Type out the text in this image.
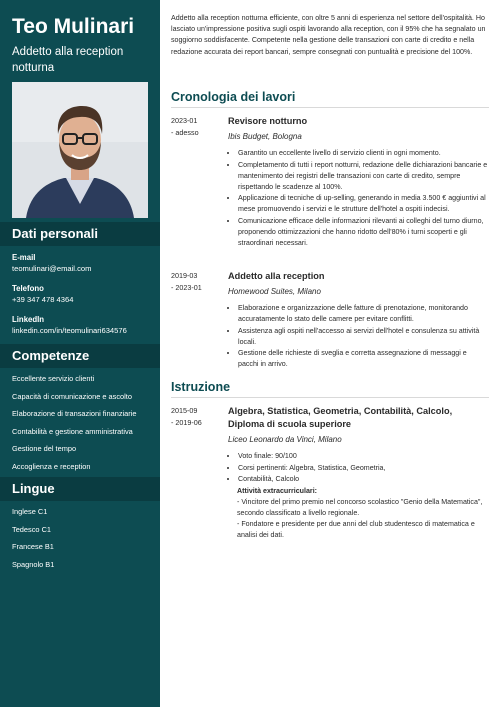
Teo Mulinari
Addetto alla reception notturna
Dati personali
E-mail
teomulinari@email.com
Telefono
+39 347 478 4364
LinkedIn
linkedin.com/in/teomulinari634576
Competenze
Eccellente servizio clienti
Capacità di comunicazione e ascolto
Elaborazione di transazioni finanziarie
Contabilità e gestione amministrativa
Gestione del tempo
Accoglienza e reception
Lingue
Inglese C1
Tedesco C1
Francese B1
Spagnolo B1
Addetto alla reception notturna efficiente, con oltre 5 anni di esperienza nel settore dell'ospitalità. Ho lasciato un'impressione positiva sugli ospiti lavorando alla reception, con il 95% che ha segnalato un soggiorno soddisfacente. Competente nella gestione delle transazioni con carte di credito e nella redazione accurata dei report bancari, sempre consegnati con puntualità e precisione del 100%.
Cronologia dei lavori
2023-01
- adesso
Revisore notturno
Ibis Budget, Bologna
• Garantito un eccellente livello di servizio clienti in ogni momento.
• Completamento di tutti i report notturni, redazione delle dichiarazioni bancarie e mantenimento dei registri delle transazioni con carte di credito, sempre rispettando le scadenze al 100%.
• Applicazione di tecniche di up-selling, generando in media 3.500 € aggiuntivi al mese promuovendo i servizi e le strutture dell'hotel a ospiti indecisi.
• Comunicazione efficace delle informazioni rilevanti ai colleghi del turno diurno, proponendo ottimizzazioni che hanno ridotto dell'80% i turni scoperti e gli straordinari necessari.
2019-03
- 2023-01
Addetto alla reception
Homewood Suites, Milano
• Elaborazione e organizzazione delle fatture di prenotazione, monitorando accuratamente lo stato delle camere per evitare conflitti.
• Assistenza agli ospiti nell'accesso ai servizi dell'hotel e consulenza su attività locali.
• Gestione delle richieste di sveglia e corretta assegnazione di messaggi e pacchi in arrivo.
Istruzione
2015-09
- 2019-06
Algebra, Statistica, Geometria, Contabilità, Calcolo, Diploma di scuola superiore
Liceo Leonardo da Vinci, Milano
• Voto finale: 90/100
• Corsi pertinenti: Algebra, Statistica, Geometria,
• Contabilità, Calcolo
Attività extracurriculari:
- Vincitore del primo premio nel concorso scolastico "Genio della Matematica", secondo classificato a livello regionale.
- Fondatore e presidente per due anni del club studentesco di matematica e analisi dei dati.
